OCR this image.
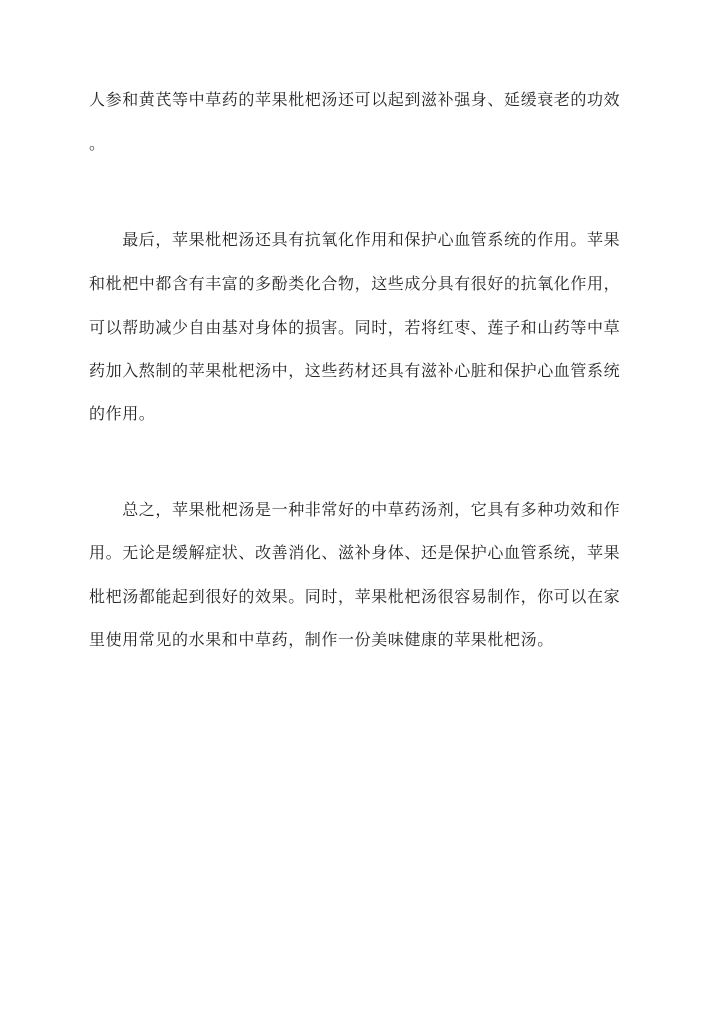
人参和黄芪等中草药的苹果枇杷汤还可以起到滋补强身、延缓衰老的功效
。
　　最后，苹果枇杷汤还具有抗氧化作用和保护心血管系统的作用。苹果
和枇杷中都含有丰富的多酚类化合物，这些成分具有很好的抗氧化作用，
可以帮助减少自由基对身体的损害。同时，若将红枣、莲子和山药等中草
药加入熬制的苹果枇杷汤中，这些药材还具有滋补心脏和保护心血管系统
的作用。
　　总之，苹果枇杷汤是一种非常好的中草药汤剂，它具有多种功效和作
用。无论是缓解症状、改善消化、滋补身体、还是保护心血管系统，苹果
枇杷汤都能起到很好的效果。同时，苹果枇杷汤很容易制作，你可以在家
里使用常见的水果和中草药，制作一份美味健康的苹果枇杷汤。
